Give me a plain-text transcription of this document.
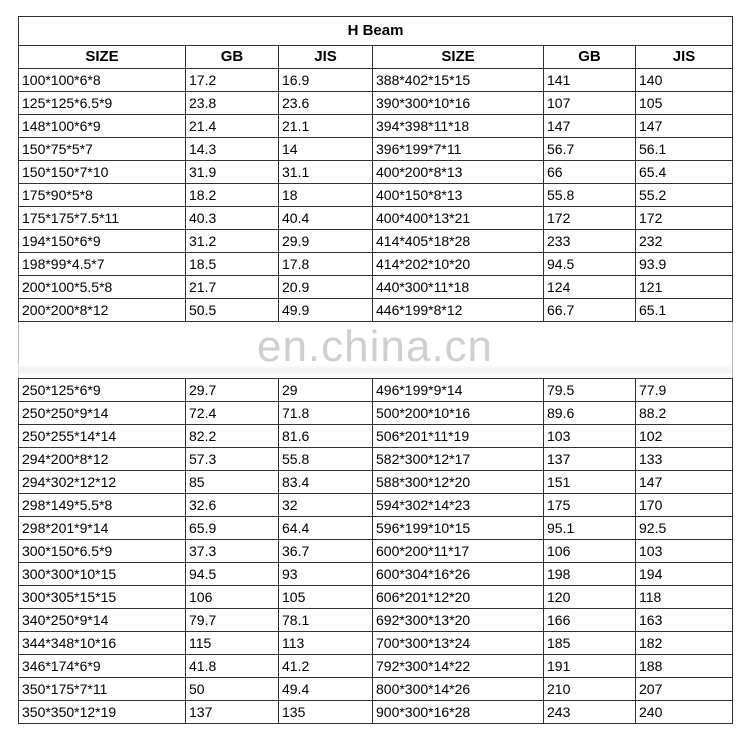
H Beam					
SIZE	GB	JIS	SIZE	GB	JIS
100*100*6*8	17.2	16.9	388*402*15*15	141	140
125*125*6.5*9	23.8	23.6	390*300*10*16	107	105
148*100*6*9	21.4	21.1	394*398*11*18	147	147
150*75*5*7	14.3	14	396*199*7*11	56.7	56.1
150*150*7*10	31.9	31.1	400*200*8*13	66	65.4
175*90*5*8	18.2	18	400*150*8*13	55.8	55.2
175*175*7.5*11	40.3	40.4	400*400*13*21	172	172
194*150*6*9	31.2	29.9	414*405*18*28	233	232
198*99*4.5*7	18.5	17.8	414*202*10*20	94.5	93.9
200*100*5.5*8	21.7	20.9	440*300*11*18	124	121
200*200*8*12	50.5	49.9	446*199*8*12	66.7	65.1

250*125*6*9	29.7	29	496*199*9*14	79.5	77.9
250*250*9*14	72.4	71.8	500*200*10*16	89.6	88.2
250*255*14*14	82.2	81.6	506*201*11*19	103	102
294*200*8*12	57.3	55.8	582*300*12*17	137	133
294*302*12*12	85	83.4	588*300*12*20	151	147
298*149*5.5*8	32.6	32	594*302*14*23	175	170
298*201*9*14	65.9	64.4	596*199*10*15	95.1	92.5
300*150*6.5*9	37.3	36.7	600*200*11*17	106	103
300*300*10*15	94.5	93	600*304*16*26	198	194
300*305*15*15	106	105	606*201*12*20	120	118
340*250*9*14	79.7	78.1	692*300*13*20	166	163
344*348*10*16	115	113	700*300*13*24	185	182
346*174*6*9	41.8	41.2	792*300*14*22	191	188
350*175*7*11	50	49.4	800*300*14*26	210	207
350*350*12*19	137	135	900*300*16*28	243	240
en.china.cn
